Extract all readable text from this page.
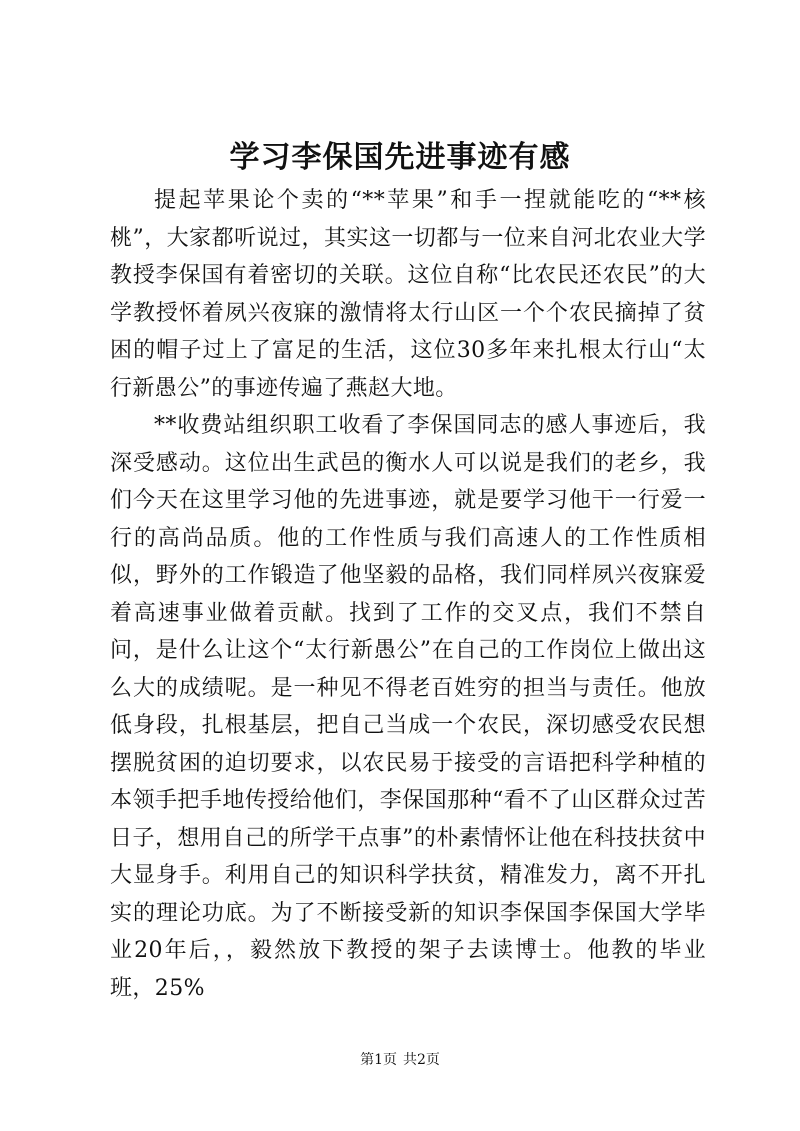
学习李保国先进事迹有感

提起苹果论个卖的“**苹果”和手一捏就能吃的“**核桃”，大家都听说过，其实这一切都与一位来自河北农业大学教授李保国有着密切的关联。这位自称“比农民还农民”的大学教授怀着夙兴夜寐的激情将太行山区一个个农民摘掉了贫困的帽子过上了富足的生活，这位30多年来扎根太行山“太行新愚公”的事迹传遍了燕赵大地。

**收费站组织职工收看了李保国同志的感人事迹后，我深受感动。这位出生武邑的衡水人可以说是我们的老乡，我们今天在这里学习他的先进事迹，就是要学习他干一行爱一行的高尚品质。他的工作性质与我们高速人的工作性质相似，野外的工作锻造了他坚毅的品格，我们同样夙兴夜寐爱着高速事业做着贡献。找到了工作的交叉点，我们不禁自问，是什么让这个“太行新愚公”在自己的工作岗位上做出这么大的成绩呢。是一种见不得老百姓穷的担当与责任。他放低身段，扎根基层，把自己当成一个农民，深切感受农民想摆脱贫困的迫切要求，以农民易于接受的言语把科学种植的本领手把手地传授给他们，李保国那种“看不了山区群众过苦日子，想用自己的所学干点事”的朴素情怀让他在科技扶贫中大显身手。利用自己的知识科学扶贫，精准发力，离不开扎实的理论功底。为了不断接受新的知识李保国李保国大学毕业20年后，，毅然放下教授的架子去读博士。他教的毕业班，25%

第1页 共2页
